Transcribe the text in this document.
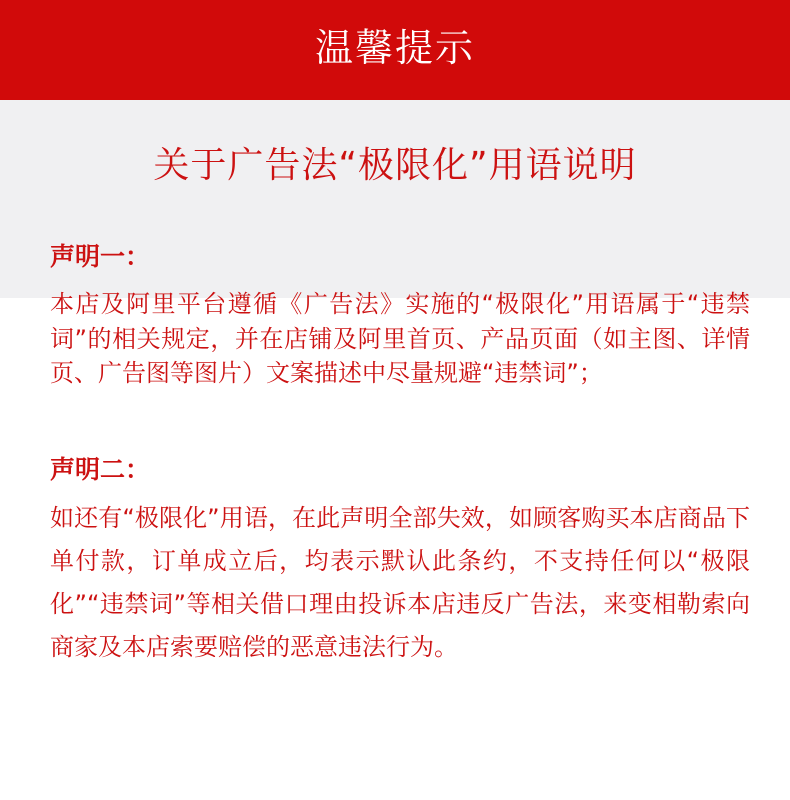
温馨提示
关于广告法“极限化”用语说明
声明一：
本店及阿里平台遵循《广告法》实施的“极限化”用语属于“违禁词”的相关规定，并在店铺及阿里首页、产品页面（如主图、详情页、广告图等图片）文案描述中尽量规避“违禁词”；
声明二：
如还有“极限化”用语，在此声明全部失效，如顾客购买本店商品下单付款，订单成立后，均表示默认此条约，不支持任何以“极限化”“违禁词”等相关借口理由投诉本店违反广告法，来变相勒索向商家及本店索要赔偿的恶意违法行为。
